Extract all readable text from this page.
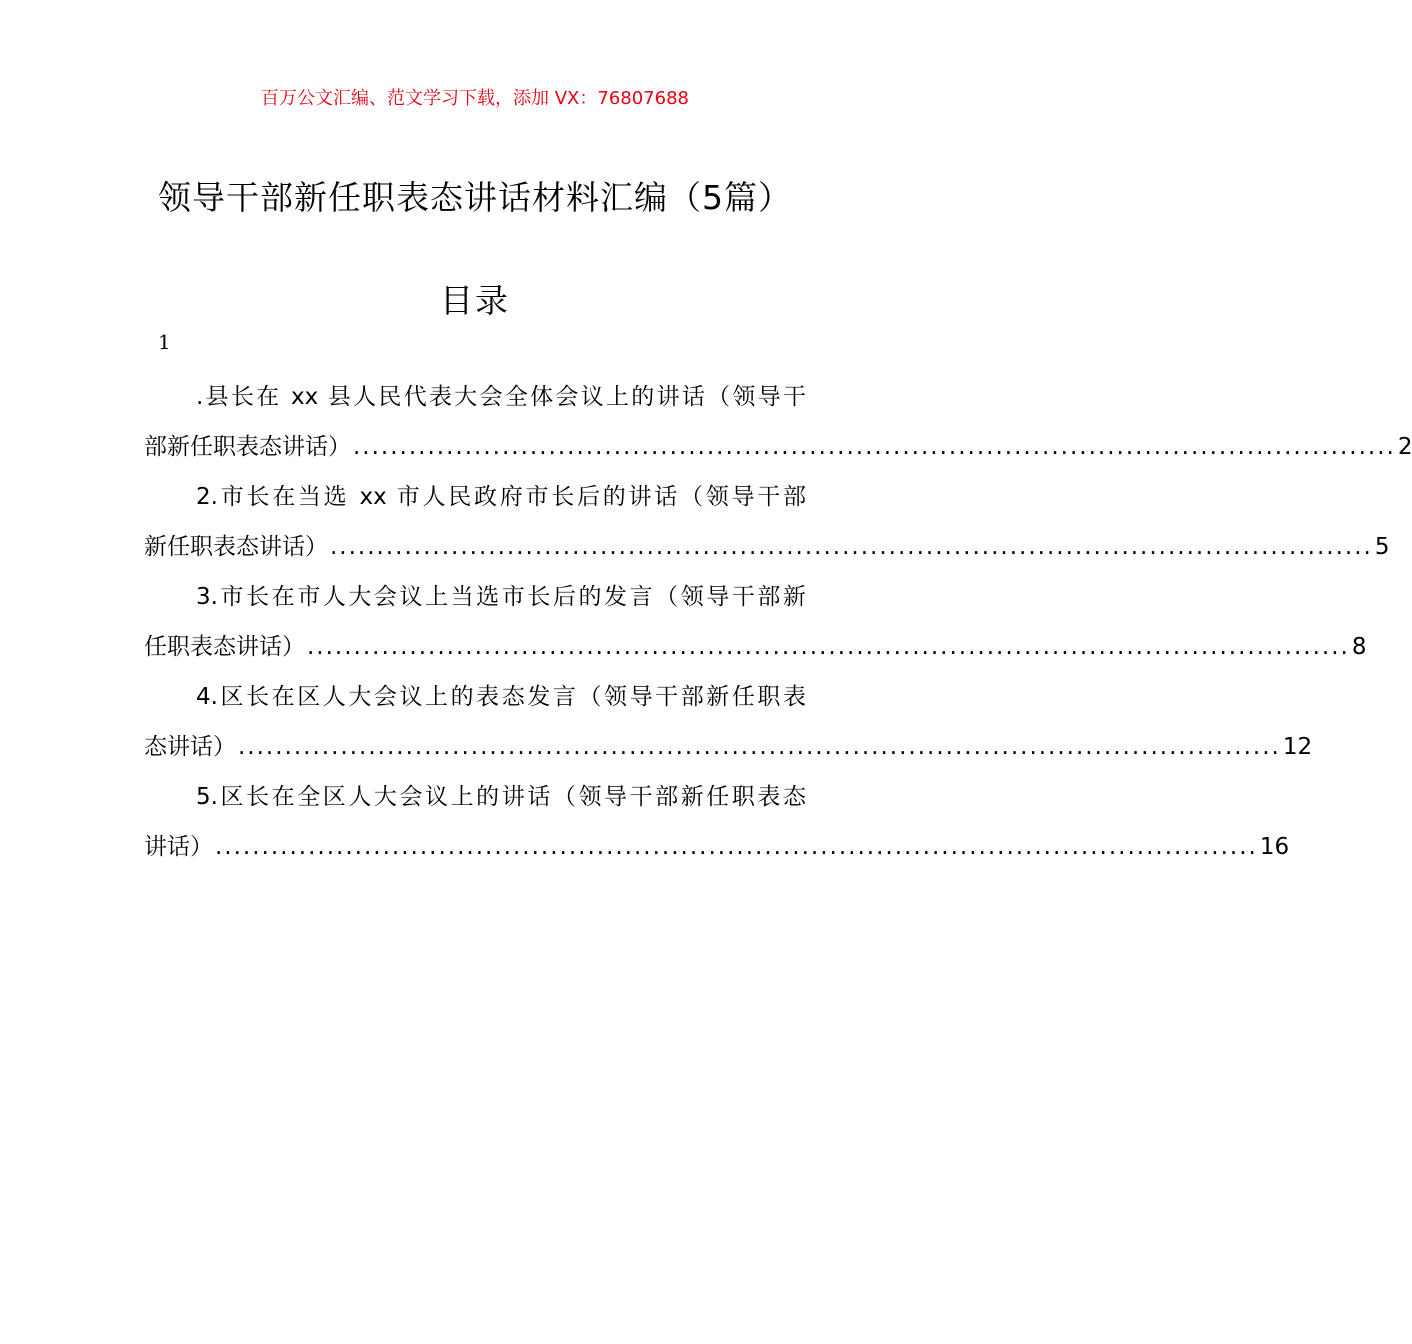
百万公文汇编、范文学习下载，添加 VX：76807688
领导干部新任职表态讲话材料汇编（5篇）
目录
1
.县长在 xx 县人民代表大会全体会议上的讲话（领导干
部新任职表态讲话） ................................................................................................................ 2
2.市长在当选 xx 市人民政府市长后的讲话（领导干部
新任职表态讲话） ................................................................................................................ 5
3.市长在市人大会议上当选市长后的发言（领导干部新
任职表态讲话） ................................................................................................................ 8
4.区长在区人大会议上的表态发言（领导干部新任职表
态讲话） ................................................................................................................ 12
5.区长在全区人大会议上的讲话（领导干部新任职表态
讲话） ................................................................................................................ 16
